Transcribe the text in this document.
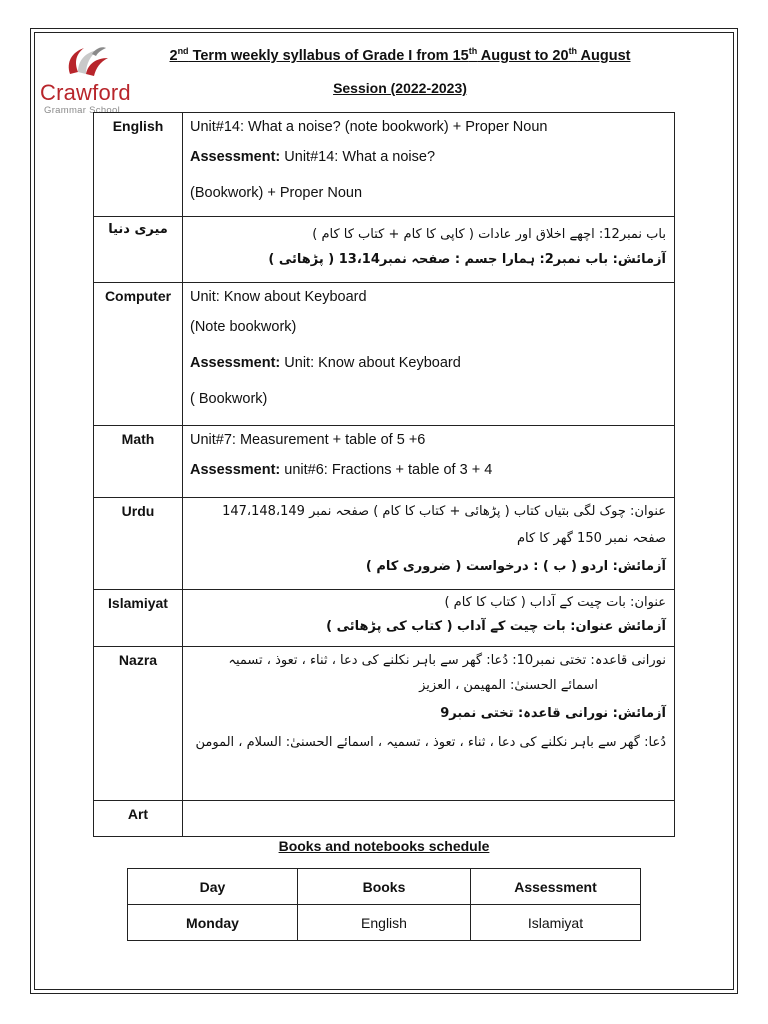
Crawford
Grammar School
2nd Term weekly syllabus of Grade I from 15th August to 20th August
Session (2022-2023)
English	Unit#14: What a noise? (note bookwork) + Proper Noun
Assessment: Unit#14: What a noise?
(Bookwork) + Proper Noun

میری دنیا	باب نمبر12: اچھے اخلاق اور عادات ( کاپی کا کام + کتاب کا کام )
آزمائش: باب نمبر2: ہمارا جسم : صفحہ نمبر13،14 ( پڑھائی )

Computer	Unit: Know about Keyboard
(Note bookwork)
Assessment: Unit: Know about Keyboard
( Bookwork)

Math	Unit#7: Measurement + table of 5 +6
Assessment: unit#6: Fractions + table of 3 + 4

Urdu	عنوان: چوک لگی بتیاں کتاب ( پڑھائی + کتاب کا کام ) صفحہ نمبر 147،148،149
صفحہ نمبر 150 گھر کا کام
آزمائش: اردو ( ب ) : درخواست ( ضروری کام )

Islamiyat	عنوان: بات چیت کے آداب ( کتاب کا کام )
آزمائش عنوان: بات چیت کے آداب ( کتاب کی پڑھائی )

Nazra	نورانی قاعدہ: تختی نمبر10: دُعا: گھر سے باہر نکلنے کی دعا ، ثناء ، تعوذ ، تسمیہ
اسمائے الحسنیٰ: المھیمن ، العزیز
آزمائش: نورانی قاعدہ: تختی نمبر9
دُعا: گھر سے باہر نکلنے کی دعا ، ثناء ، تعوذ ، تسمیہ ، اسمائے الحسنیٰ: السلام ، المومن

Art	
Books and notebooks schedule
Day	Books	Assessment
Monday	English	Islamiyat
